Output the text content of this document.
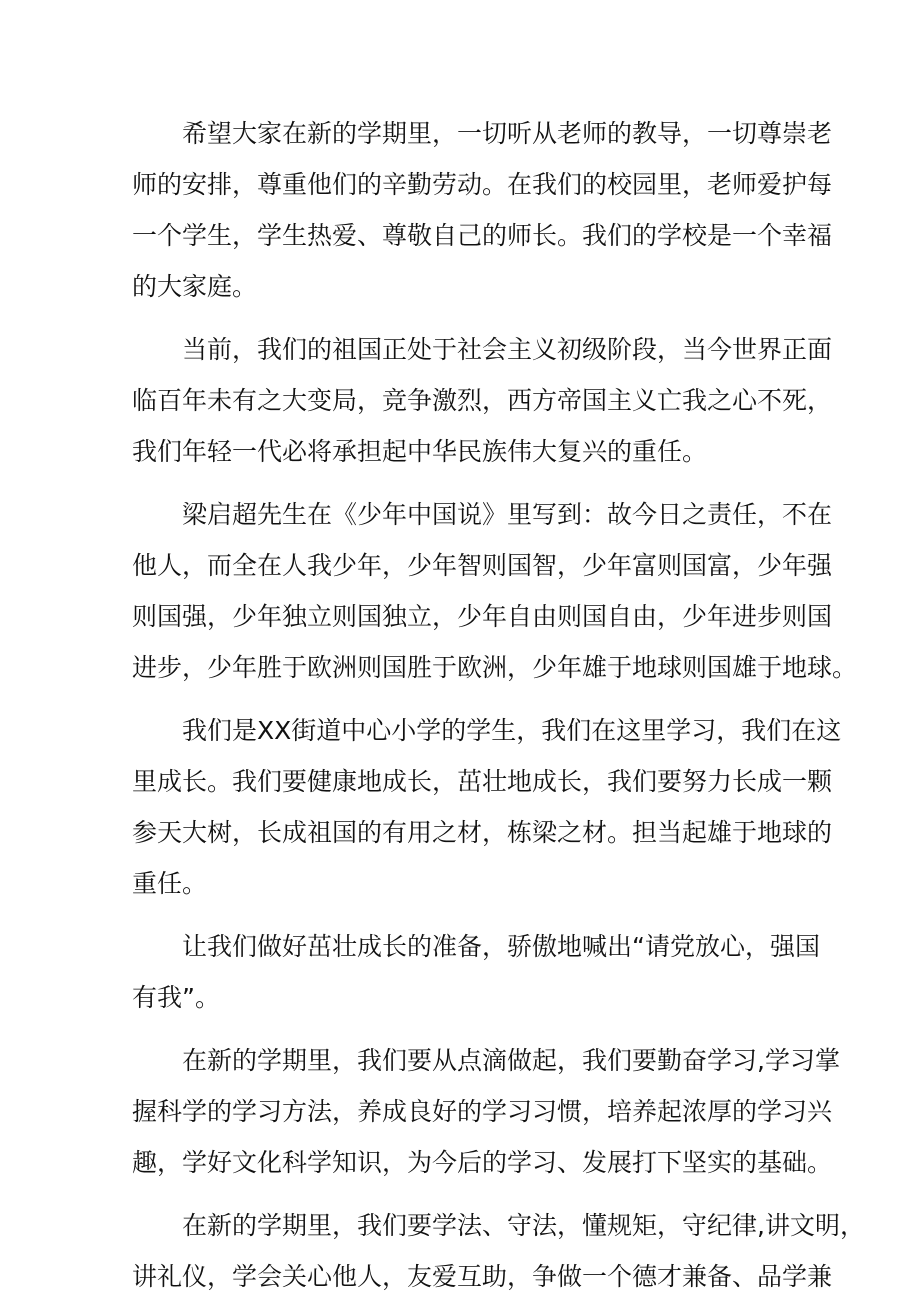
希望大家在新的学期里，一切听从老师的教导，一切尊崇老
师的安排，尊重他们的辛勤劳动。在我们的校园里，老师爱护每
一个学生，学生热爱、尊敬自己的师长。我们的学校是一个幸福
的大家庭。

当前，我们的祖国正处于社会主义初级阶段，当今世界正面
临百年未有之大变局，竞争激烈，西方帝国主义亡我之心不死，
我们年轻一代必将承担起中华民族伟大复兴的重任。

梁启超先生在《少年中国说》里写到：故今日之责任，不在
他人，而全在人我少年，少年智则国智，少年富则国富，少年强
则国强，少年独立则国独立，少年自由则国自由，少年进步则国
进步，少年胜于欧洲则国胜于欧洲，少年雄于地球则国雄于地球。

我们是XX街道中心小学的学生，我们在这里学习，我们在这
里成长。我们要健康地成长，茁壮地成长，我们要努力长成一颗
参天大树，长成祖国的有用之材，栋梁之材。担当起雄于地球的
重任。

让我们做好茁壮成长的准备，骄傲地喊出“请党放心，强国
有我”。

在新的学期里，我们要从点滴做起，我们要勤奋学习,学习掌
握科学的学习方法，养成良好的学习习惯，培养起浓厚的学习兴
趣，学好文化科学知识，为今后的学习、发展打下坚实的基础。

在新的学期里，我们要学法、守法，懂规矩，守纪律,讲文明，
讲礼仪，学会关心他人，友爱互助，争做一个德才兼备、品学兼
